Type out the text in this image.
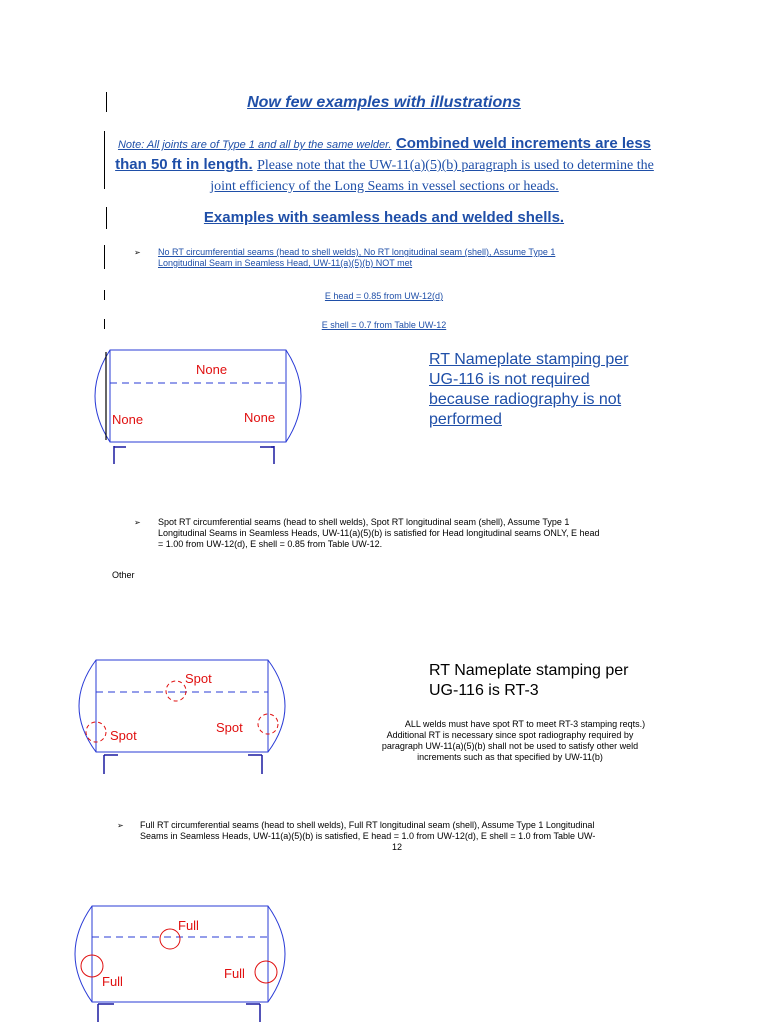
Now few examples with illustrations
Note: All joints are of Type 1 and all by the same welder. Combined weld increments are less than 50 ft in length. Please note that the UW-11(a)(5)(b) paragraph is used to determine the joint efficiency of the Long Seams in vessel sections or heads.
Examples with seamless heads and welded shells.
➢ No RT circumferential seams (head to shell welds), No RT longitudinal seam (shell), Assume Type 1
Longitudinal Seam in Seamless Head, UW-11(a)(5)(b) NOT met
E head = 0.85 from UW-12(d)
E shell = 0.7 from Table UW-12
None
None	None
RT Nameplate stamping per
UG-116 is not required
because radiography is not
performed
➢ Spot RT circumferential seams (head to shell welds), Spot RT longitudinal seam (shell), Assume Type 1
Longitudinal Seams in Seamless Heads, UW-11(a)(5)(b) is satisfied for Head longitudinal seams ONLY, E head
= 1.00 from UW-12(d), E shell = 0.85 from Table UW-12.
Other
Spot
Spot
Spot
RT Nameplate stamping per
UG-116 is RT-3
ALL welds must have spot RT to meet RT-3 stamping reqts.)
Additional RT is necessary since spot radiography required by
paragraph UW-11(a)(5)(b) shall not be used to satisfy other weld
increments such as that specified by UW-11(b)
➢ Full RT circumferential seams (head to shell welds), Full RT longitudinal seam (shell), Assume Type 1 Longitudinal
Seams in Seamless Heads, UW-11(a)(5)(b) is satisfied, E head = 1.0 from UW-12(d), E shell = 1.0 from Table UW-
12
Full
Full
Full
